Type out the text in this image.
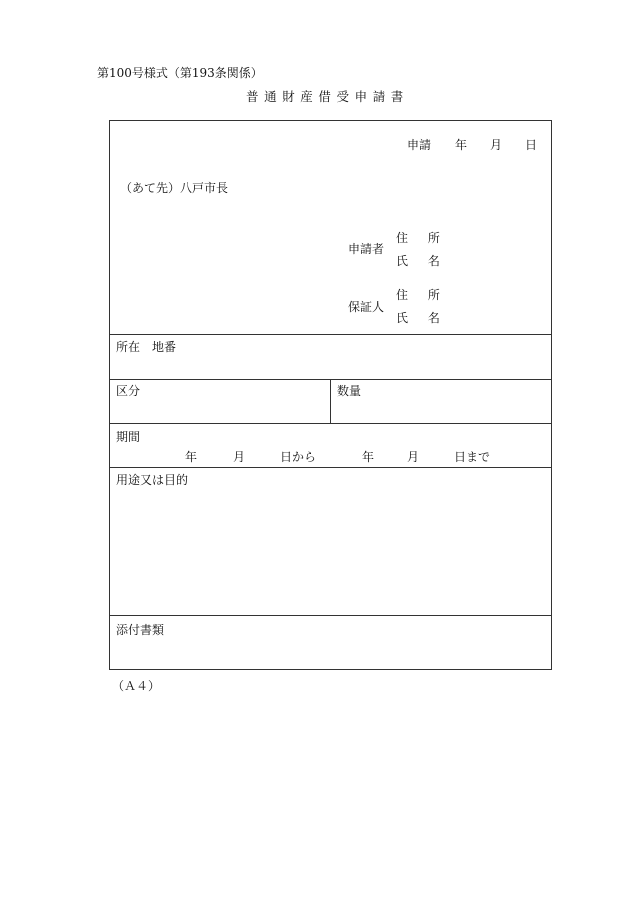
第100号様式（第193条関係）
普通財産借受申請書
申請 年 月 日
（あて先）八戸市長
申請者
住 所
氏 名
保証人
住 所
氏 名
所在　地番
区分	数量
期間
年	月	日から	年	月	日まで
用途又は目的
添付書類
（Ａ４）
